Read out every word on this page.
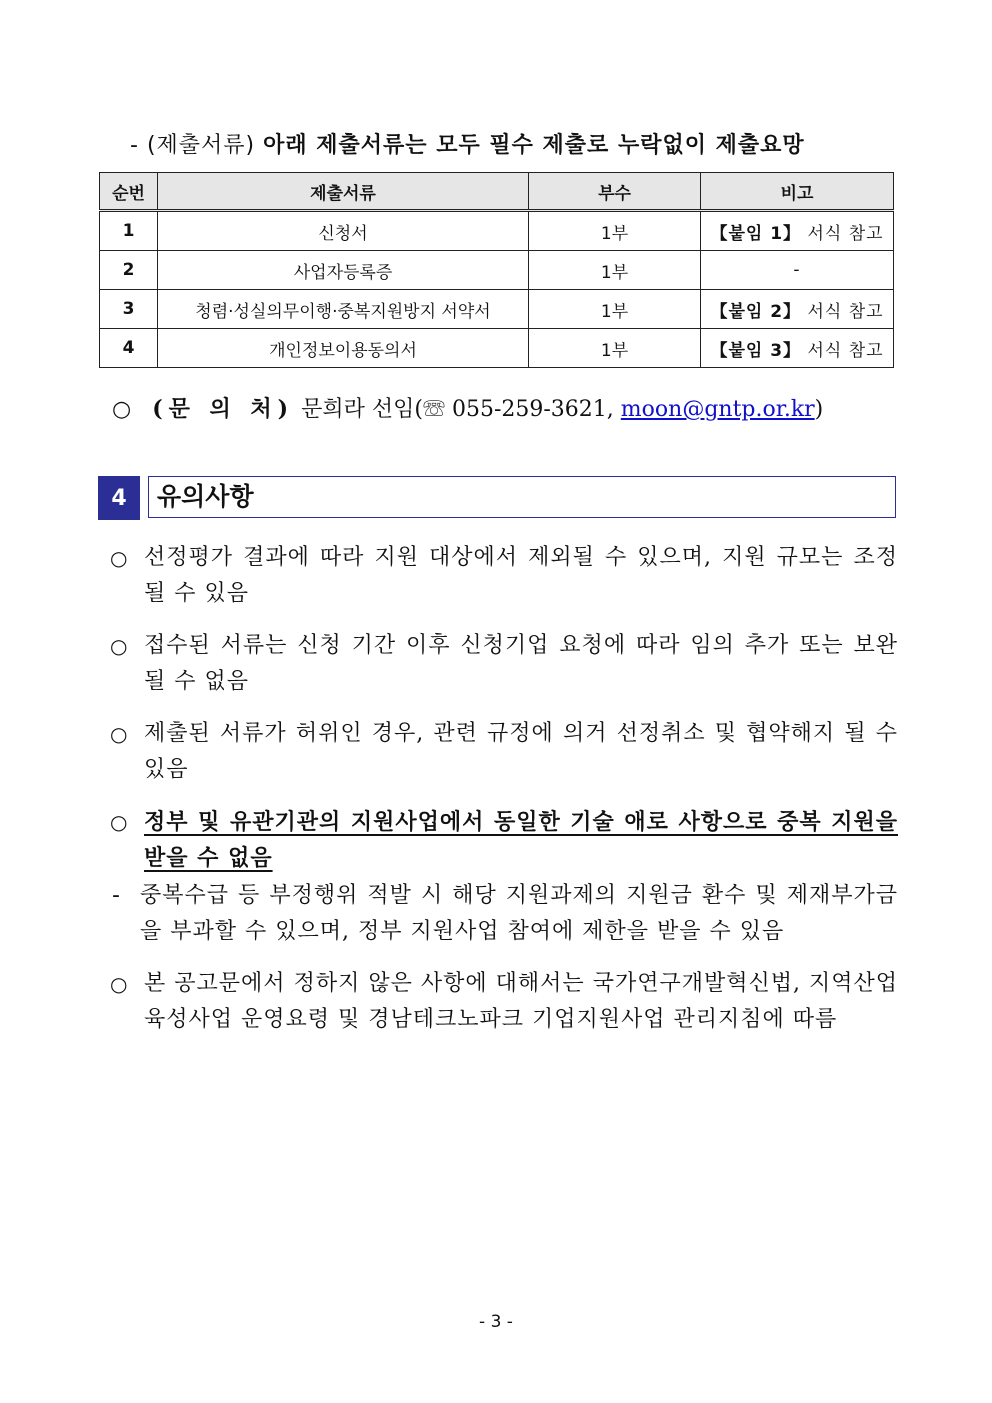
- (제출서류) 아래 제출서류는 모두 필수 제출로 누락없이 제출요망
순번	제출서류	부수	비고
1	신청서	1부	【붙임 1】 서식 참고
2	사업자등록증	1부	-
3	청렴·성실의무이행·중복지원방지 서약서	1부	【붙임 2】 서식 참고
4	개인정보이용동의서	1부	【붙임 3】 서식 참고
○ (문 의 처) 문희라 선임(☏ 055-259-3621, moon@gntp.or.kr)
4	유의사항
○ 선정평가 결과에 따라 지원 대상에서 제외될 수 있으며, 지원 규모는 조정될 수 있음
○ 접수된 서류는 신청 기간 이후 신청기업 요청에 따라 임의 추가 또는 보완될 수 없음
○ 제출된 서류가 허위인 경우, 관련 규정에 의거 선정취소 및 협약해지 될 수 있음
○ 정부 및 유관기관의 지원사업에서 동일한 기술 애로 사항으로 중복 지원을 받을 수 없음
- 중복수급 등 부정행위 적발 시 해당 지원과제의 지원금 환수 및 제재부가금을 부과할 수 있으며, 정부 지원사업 참여에 제한을 받을 수 있음
○ 본 공고문에서 정하지 않은 사항에 대해서는 국가연구개발혁신법, 지역산업육성사업 운영요령 및 경남테크노파크 기업지원사업 관리지침에 따름
- 3 -
